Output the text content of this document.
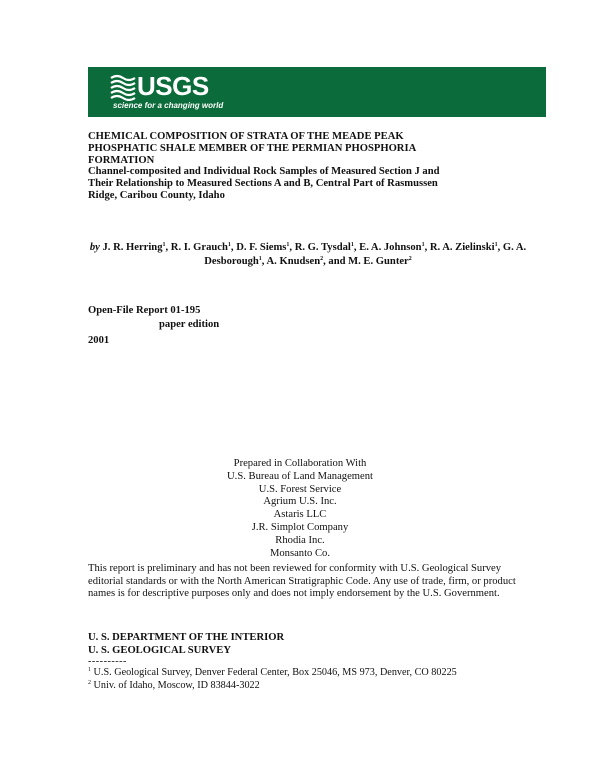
USGS
science for a changing world
CHEMICAL COMPOSITION OF STRATA OF THE MEADE PEAK
PHOSPHATIC SHALE MEMBER OF THE PERMIAN PHOSPHORIA
FORMATION
Channel-composited and Individual Rock Samples of Measured Section J and
Their Relationship to Measured Sections A and B, Central Part of Rasmussen
Ridge, Caribou County, Idaho
by J. R. Herring$^1$, R. I. Grauch$^1$, D. F. Siems$^1$, R. G. Tysdal$^1$, E. A. Johnson$^1$, R. A. Zielinski$^1$, G. A. Desborough$^1$, A. Knudsen$^2$, and M. E. Gunter$^2$
Open-File Report 01-195
paper edition
2001
Prepared in Collaboration With
U.S. Bureau of Land Management
U.S. Forest Service
Agrium U.S. Inc.
Astaris LLC
J.R. Simplot Company
Rhodia Inc.
Monsanto Co.
This report is preliminary and has not been reviewed for conformity with U.S. Geological Survey editorial standards or with the North American Stratigraphic Code. Any use of trade, firm, or product names is for descriptive purposes only and does not imply endorsement by the U.S. Government.
U. S. DEPARTMENT OF THE INTERIOR
U. S. GEOLOGICAL SURVEY
----------
$^1$ U.S. Geological Survey, Denver Federal Center, Box 25046, MS 973, Denver, CO 80225
$^2$ Univ. of Idaho, Moscow, ID 83844-3022
